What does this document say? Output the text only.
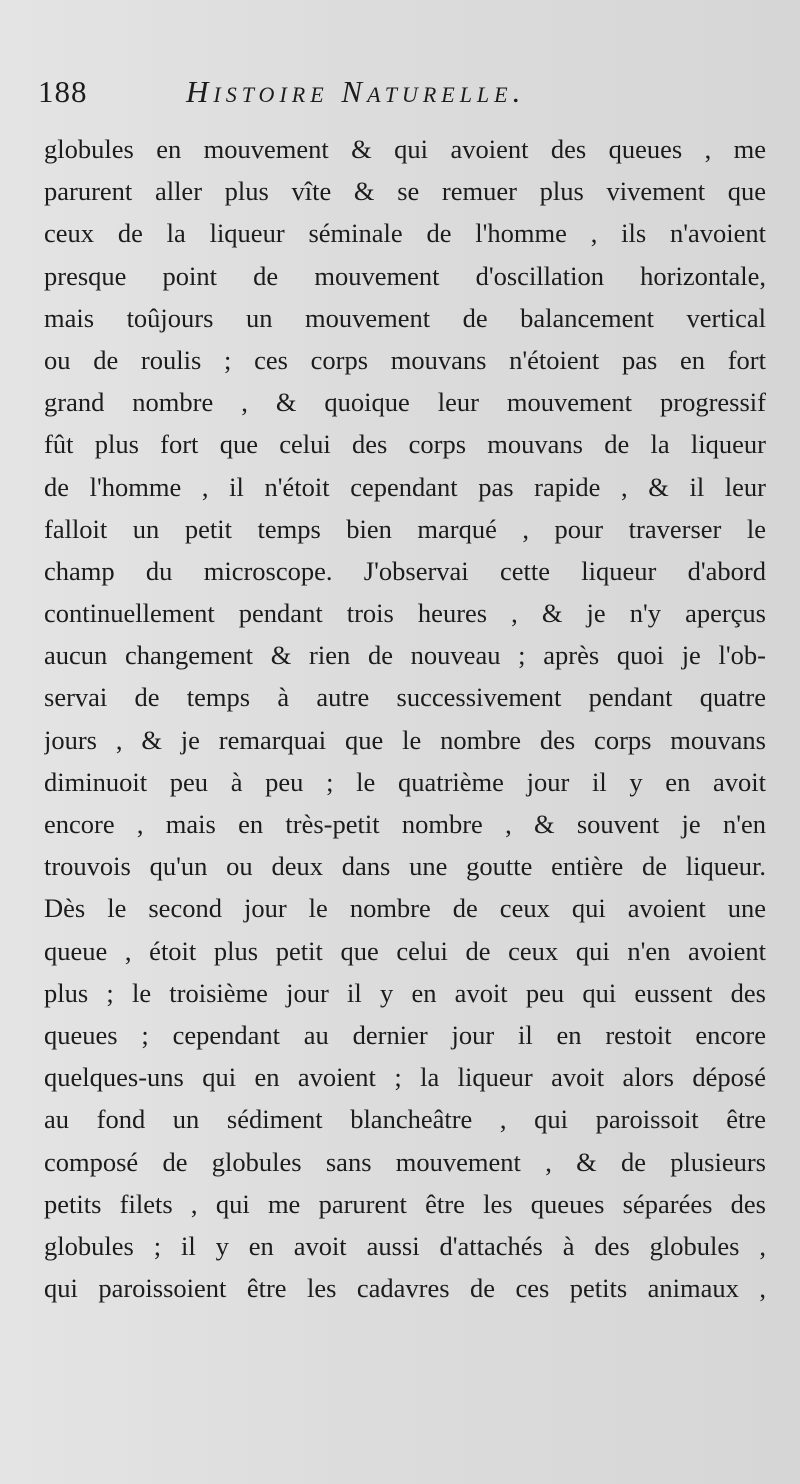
188	Histoire Naturelle.
globules en mouvement & qui avoient des queues , me
parurent aller plus vîte & se remuer plus vivement que
ceux de la liqueur séminale de l'homme , ils n'avoient
presque point de mouvement d'oscillation horizontale,
mais toûjours un mouvement de balancement vertical
ou de roulis ; ces corps mouvans n'étoient pas en fort
grand nombre , & quoique leur mouvement progressif
fût plus fort que celui des corps mouvans de la liqueur
de l'homme , il n'étoit cependant pas rapide , & il leur
falloit un petit temps bien marqué , pour traverser le
champ du microscope. J'observai cette liqueur d'abord
continuellement pendant trois heures , & je n'y aperçus
aucun changement & rien de nouveau ; après quoi je l'ob-
servai de temps à autre successivement pendant quatre
jours , & je remarquai que le nombre des corps mouvans
diminuoit peu à peu ; le quatrième jour il y en avoit
encore , mais en très-petit nombre , & souvent je n'en
trouvois qu'un ou deux dans une goutte entière de liqueur.
Dès le second jour le nombre de ceux qui avoient une
queue , étoit plus petit que celui de ceux qui n'en avoient
plus ; le troisième jour il y en avoit peu qui eussent des
queues ; cependant au dernier jour il en restoit encore
quelques-uns qui en avoient ; la liqueur avoit alors déposé
au fond un sédiment blancheâtre , qui paroissoit être
composé de globules sans mouvement , & de plusieurs
petits filets , qui me parurent être les queues séparées des
globules ; il y en avoit aussi d'attachés à des globules ,
qui paroissoient être les cadavres de ces petits animaux ,
